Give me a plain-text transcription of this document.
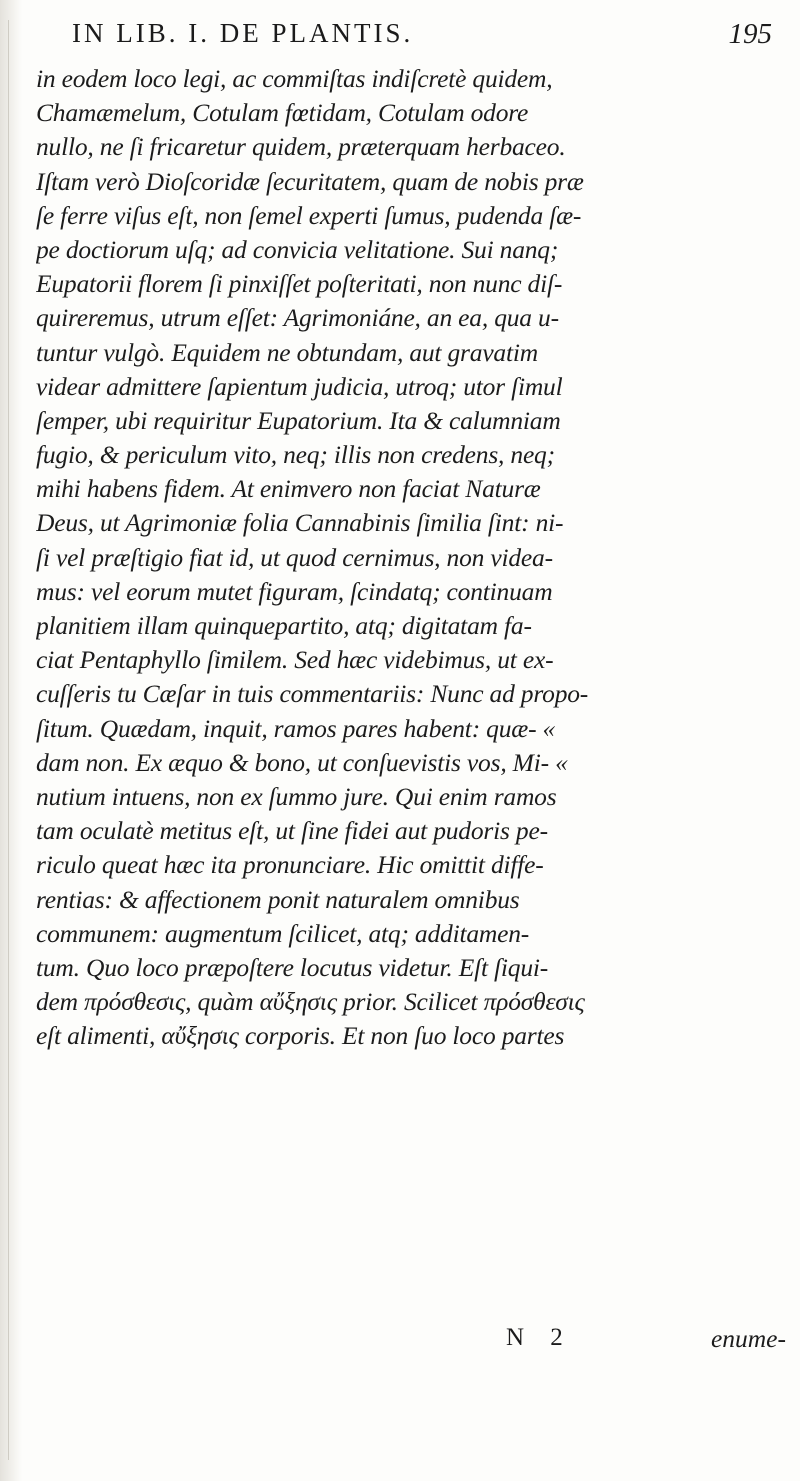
IN LIB. I. DE PLANTIS.	195
in eodem loco legi, ac commiſtas indiſcretè quidem,
Chamæmelum, Cotulam fœtidam, Cotulam odore
nullo, ne ſi fricaretur quidem, præterquam herbaceo.
Iſtam verò Dioſcoridæ ſecuritatem, quam de nobis præ
ſe ferre viſus eſt, non ſemel experti ſumus, pudenda ſæ-
pe doctiorum uſq; ad convicia velitatione. Sui nanq;
Eupatorii florem ſi pinxiſſet poſteritati, non nunc diſ-
quireremus, utrum eſſet: Agrimoniáne, an ea, qua u-
tuntur vulgò. Equidem ne obtundam, aut gravatim
videar admittere ſapientum judicia, utroq; utor ſimul
ſemper, ubi requiritur Eupatorium. Ita & calumniam
fugio, & periculum vito, neq; illis non credens, neq;
mihi habens fidem. At enimvero non faciat Naturæ
Deus, ut Agrimoniæ folia Cannabinis ſimilia ſint: ni-
ſi vel præſtigio fiat id, ut quod cernimus, non videa-
mus: vel eorum mutet figuram, ſcindatq; continuam
planitiem illam quinquepartito, atq; digitatam fa-
ciat Pentaphyllo ſimilem. Sed hæc videbimus, ut ex-
cuſſeris tu Cæſar in tuis commentariis: Nunc ad propo-
ſitum. Quædam, inquit, ramos pares habent: quæ- «
dam non. Ex æquo & bono, ut conſuevistis vos, Mi- «
nutium intuens, non ex ſummo jure. Qui enim ramos
tam oculatè metitus eſt, ut ſine fidei aut pudoris pe-
riculo queat hæc ita pronunciare. Hic omittit diffe-
rentias: & affectionem ponit naturalem omnibus
communem: augmentum ſcilicet, atq; additamen-
tum. Quo loco præpoſtere locutus videtur. Eſt ſiqui-
dem πρόσθεσις, quàm αὔξησις prior. Scilicet πρόσθεσις
eſt alimenti, αὔξησις corporis. Et non ſuo loco partes
N 2	enume-
